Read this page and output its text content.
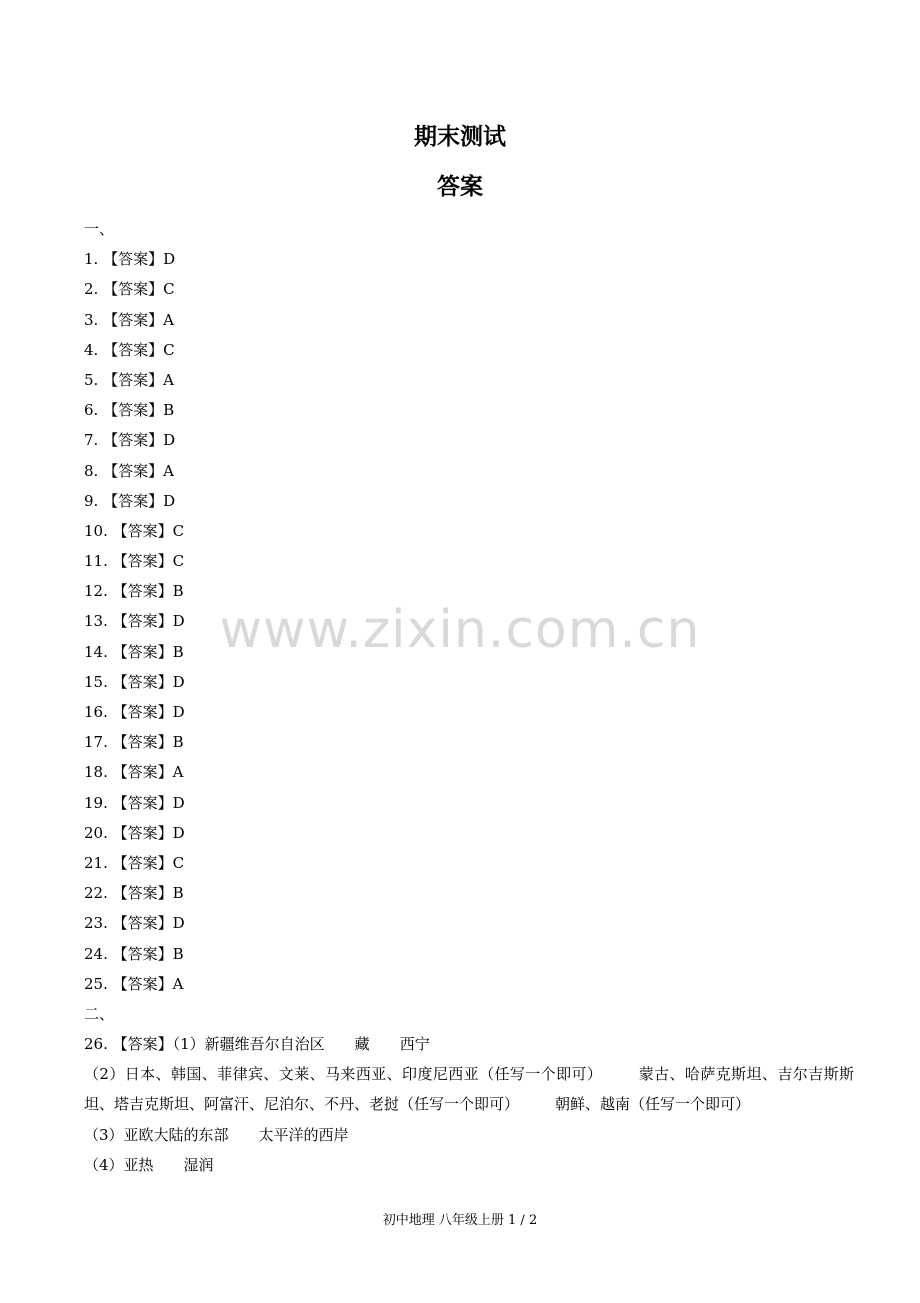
期末测试
答案
www.zixin.com.cn
一、
1. 【答案】D
2. 【答案】C
3. 【答案】A
4. 【答案】C
5. 【答案】A
6. 【答案】B
7. 【答案】D
8. 【答案】A
9. 【答案】D
10. 【答案】C
11. 【答案】C
12. 【答案】B
13. 【答案】D
14. 【答案】B
15. 【答案】D
16. 【答案】D
17. 【答案】B
18. 【答案】A
19. 【答案】D
20. 【答案】D
21. 【答案】C
22. 【答案】B
23. 【答案】D
24. 【答案】B
25. 【答案】A
二、
26. 【答案】（1）新疆维吾尔自治区 藏 西宁
（2）日本、韩国、菲律宾、文莱、马来西亚、印度尼西亚（任写一个即可） 蒙古、哈萨克斯坦、吉尔吉斯斯坦、塔吉克斯坦、阿富汗、尼泊尔、不丹、老挝（任写一个即可） 朝鲜、越南（任写一个即可）
（3）亚欧大陆的东部 太平洋的西岸
（4）亚热 湿润
初中地理 八年级上册 1 / 2
